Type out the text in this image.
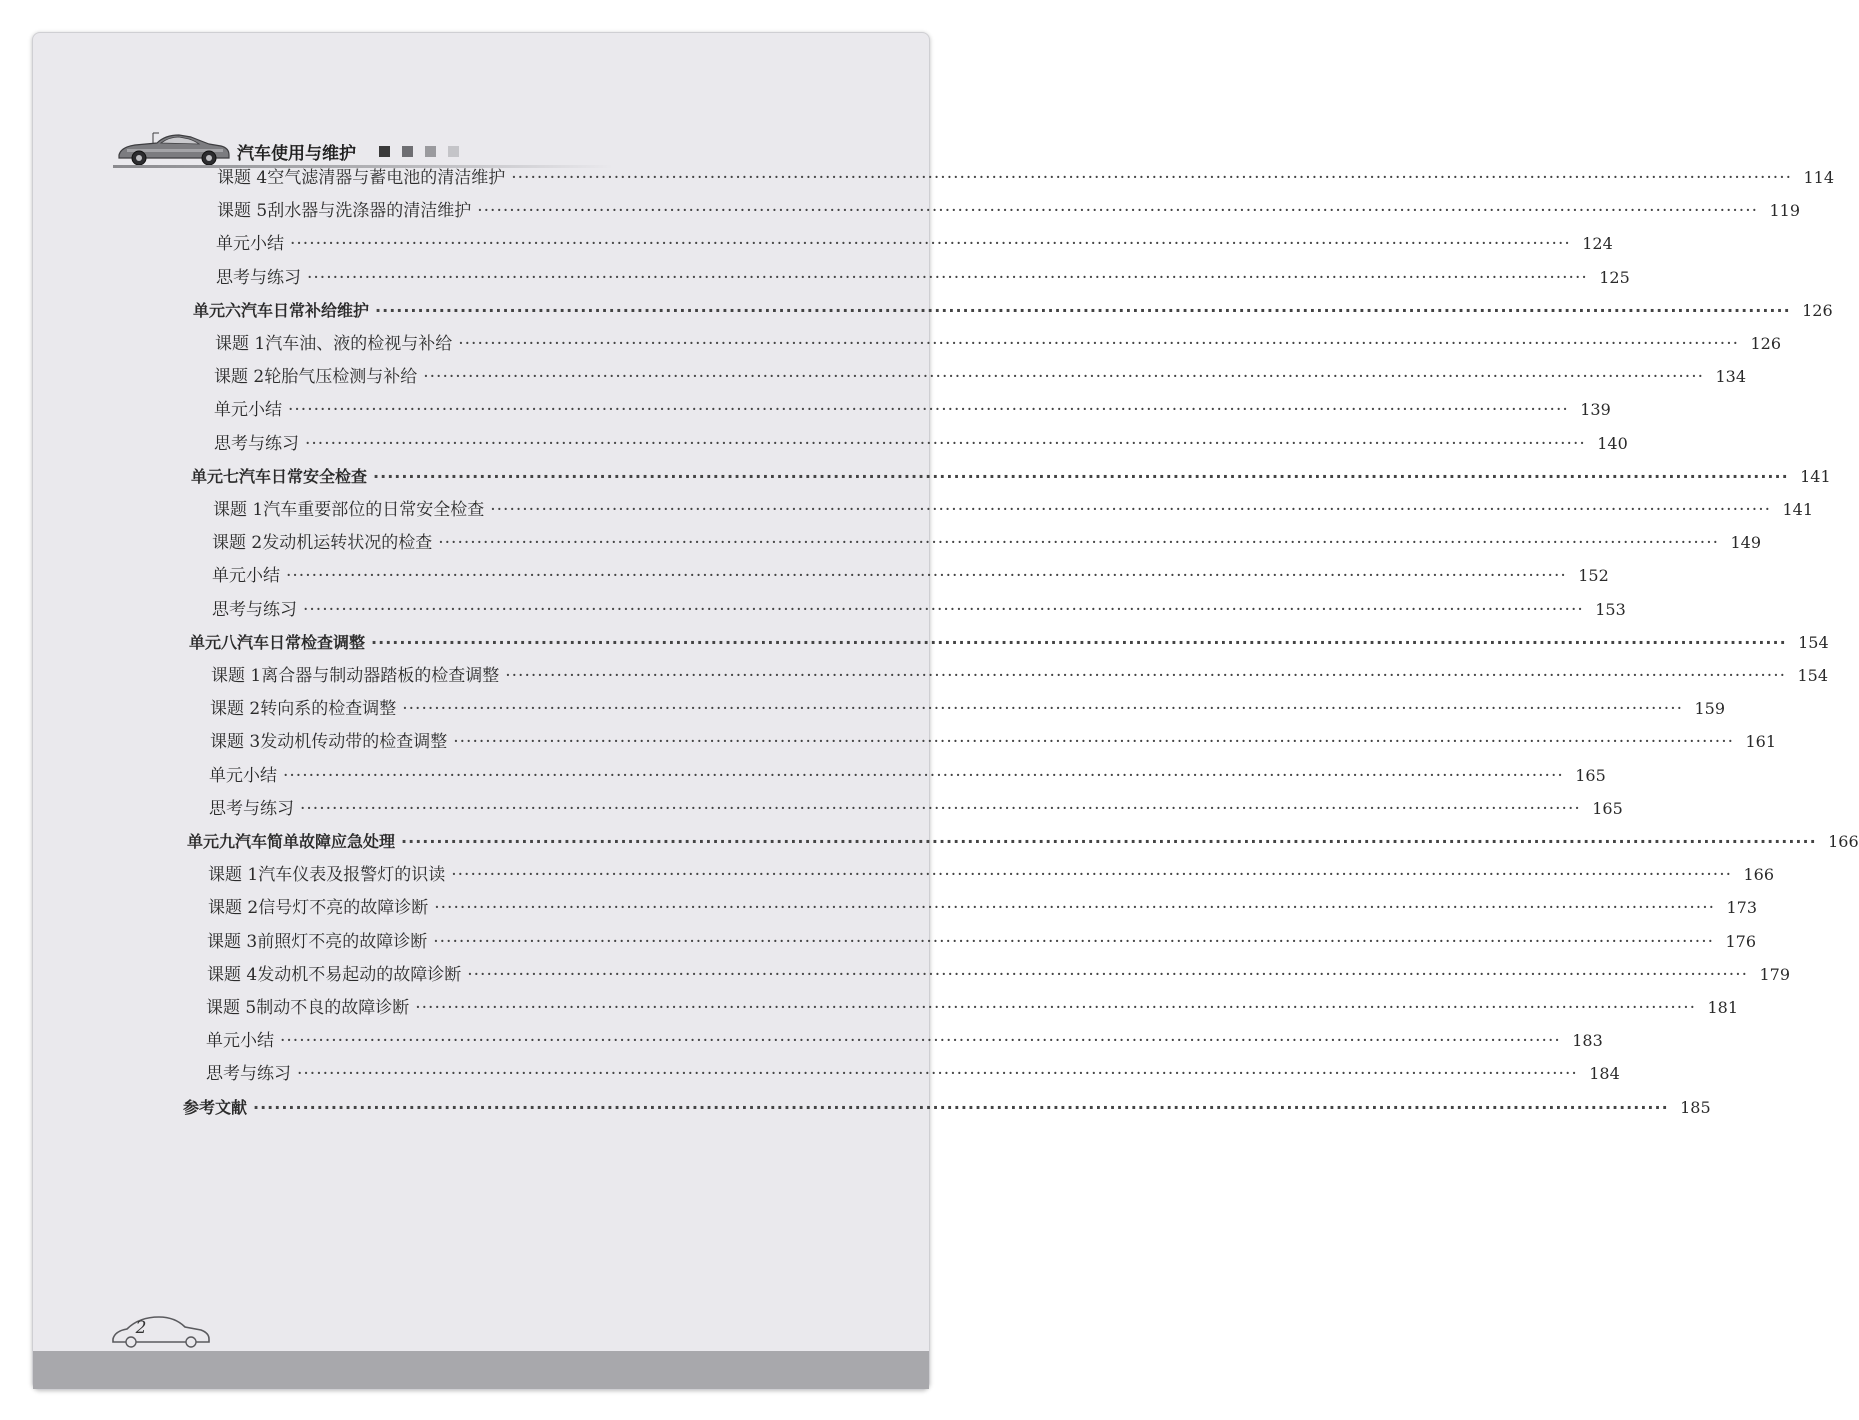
汽车使用与维护
课题 4 空气滤清器与蓄电池的清洁维护 ········································································································································································································ 114
课题 5 刮水器与洗涤器的清洁维护 ········································································································································································································ 119
单元小结 ········································································································································································································ 124
思考与练习 ········································································································································································································ 125
单元六 汽车日常补给维护 ········································································································································································································ 126
课题 1 汽车油、液的检视与补给 ········································································································································································································ 126
课题 2 轮胎气压检测与补给 ········································································································································································································ 134
单元小结 ········································································································································································································ 139
思考与练习 ········································································································································································································ 140
单元七 汽车日常安全检查 ········································································································································································································ 141
课题 1 汽车重要部位的日常安全检查 ········································································································································································································ 141
课题 2 发动机运转状况的检查 ········································································································································································································ 149
单元小结 ········································································································································································································ 152
思考与练习 ········································································································································································································ 153
单元八 汽车日常检查调整 ········································································································································································································ 154
课题 1 离合器与制动器踏板的检查调整 ········································································································································································································ 154
课题 2 转向系的检查调整 ········································································································································································································ 159
课题 3 发动机传动带的检查调整 ········································································································································································································ 161
单元小结 ········································································································································································································ 165
思考与练习 ········································································································································································································ 165
单元九 汽车简单故障应急处理 ········································································································································································································ 166
课题 1 汽车仪表及报警灯的识读 ········································································································································································································ 166
课题 2 信号灯不亮的故障诊断 ········································································································································································································ 173
课题 3 前照灯不亮的故障诊断 ········································································································································································································ 176
课题 4 发动机不易起动的故障诊断 ········································································································································································································ 179
课题 5 制动不良的故障诊断 ········································································································································································································ 181
单元小结 ········································································································································································································ 183
思考与练习 ········································································································································································································ 184
参考文献 ········································································································································································································ 185
2
